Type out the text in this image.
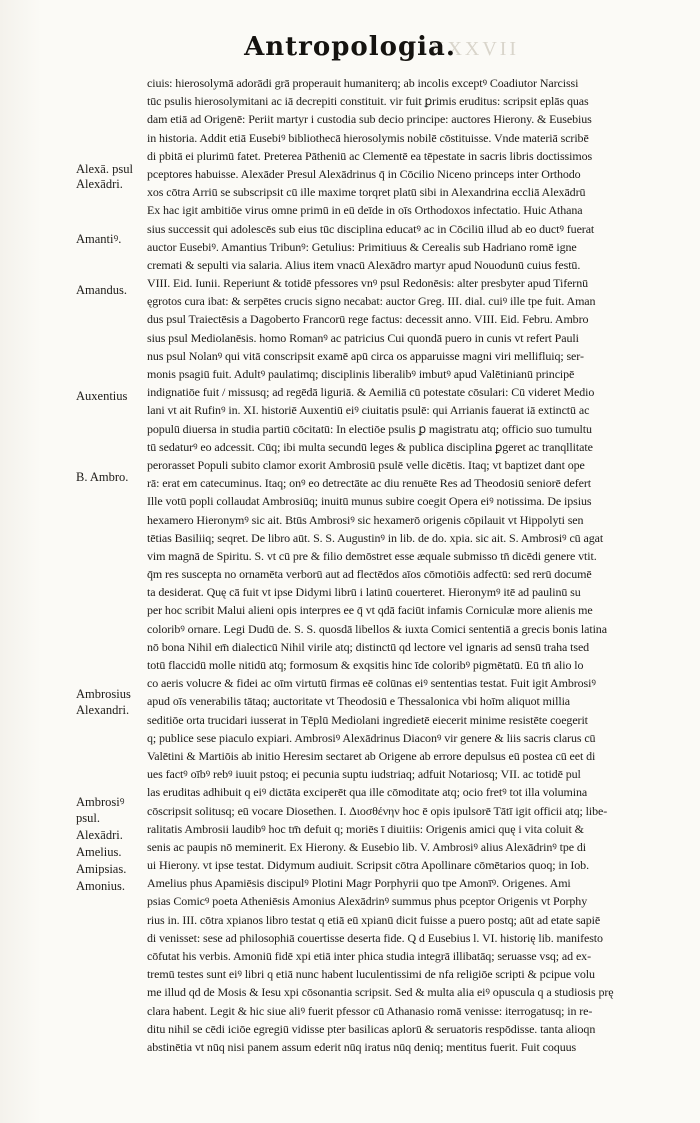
XXXVII
Antropologia.
Alexā. psul
Alexādri.
Amantiꝰ.
Amandus.
Auxentius
B. Ambro.
Ambrosius
Alexandri.
Ambrosiꝰ
psul.
Alexādri.
Amelius.
Amipsias.
Amonius.
ciuis: hierosolymā adorādi grā properauit humaniterq; ab incolis exceptꝰ Coadiutor Narcissi
tūc psulis hierosolymitani ac iā decrepiti constituit. vir fuit ꝑrimis eruditus: scripsit eplās quas
dam etiā ad Origenē: Periit martyr i custodia sub decio principe: auctores Hierony. & Eusebius
in historia. Addit etiā Eusebiꝰ bibliothecā hierosolymis nobilē cōstituisse. Vnde materiā scribē
di pbitā ei plurimū fatet. Preterea Pātheniū ac Clementē ea tēpestate in sacris libris doctissimos
pceptores habuisse. Alexāder Presul Alexādrinus q̄ in Cōcilio Niceno princeps inter Orthodo
xos cōtra Arriū se subscripsit cū ille maxime torqret platū sibi in Alexandrina eccliā Alexādrū
Ex hac igit ambitiōe virus omne primū in eū deīde in oīs Orthodoxos infectatio. Huic Athana
sius successit qui adolescēs sub eius tūc disciplina educatꝰ ac in Cōciliū illud ab eo ductꝰ fuerat
auctor Eusebiꝰ. Amantius Tribunꝰ: Getulius: Primitiuus & Cerealis sub Hadriano romē igne
cremati & sepulti via salaria. Alius item vnacū Alexādro martyr apud Nouodunū cuius festū.
VIII. Eid. Iunii. Reperiunt & totidē pfessores vnꝰ psul Redonēsis: alter presbyter apud Tifernū
ęgrotos cura ibat: & serpētes crucis signo necabat: auctor Greg. III. dial. cuiꝰ ille tpe fuit. Aman
dus psul Traiectēsis a Dagoberto Francorū rege factus: decessit anno. VIII. Eid. Febru. Ambro
sius psul Mediolanēsis. homo Romanꝰ ac patricius Cui quondā puero in cunis vt refert Pauli
nus psul Nolanꝰ qui vitā conscripsit examē apū circa os apparuisse magni viri mellifluiq; ser-
monis psagiū fuit. Adultꝰ paulatimq; disciplinis liberalibꝰ imbutꝰ apud Valētinianū principē
indignatiōe fuit / missusq; ad regēdā liguriā. & Aemiliā cū potestate cōsulari: Cū videret Medio
lani vt ait Rufinꝰ in. XI. historiē Auxentiū eiꝰ ciuitatis psulē: qui Arrianis fauerat iā extinctū ac
populū diuersa in studia partiū cōcitatū: In electiōe psulis ꝑ magistratu atq; officio suo tumultu
tū sedaturꝰ eo adcessit. Cūq; ibi multa secundū leges & publica disciplina ꝑgeret ac tranqllitate
perorasset Populi subito clamor exorit Ambrosiū psulē velle dicētis. Itaq; vt baptizet dant ope
rā: erat em catecuminus. Itaq; onꝰ eo detrectāte ac diu renuēte Res ad Theodosiū seniorē defert
Ille votū popli collaudat Ambrosiūq; inuitū munus subire coegit Opera eiꝰ notissima. De ipsius
hexamero Hieronymꝰ sic ait. Btūs Ambrosiꝰ sic hexamerō origenis cōpilauit vt Hippolyti sen
tētias Basiliiq; seqret. De libro aūt. S. S. Augustinꝰ in lib. de do. xpia. sic ait. S. Ambrosiꝰ cū agat
vim magnā de Spiritu. S. vt cū pre & filio demōstret esse æquale submisso tn̄ dicēdi genere vtit.
q̄m res suscepta no ornamēta verborū aut ad flectēdos aīos cōmotiōis adfectū: sed rerū documē
ta desiderat. Quę cā fuit vt ipse Didymi librū i latinū couerteret. Hieronymꝰ itē ad paulinū su
per hoc scribit Malui alieni opis interpres ee q̄ vt qdā faciūt infamis Corniculæ more alienis me
coloribꝰ ornare. Legi Dudū de. S. S. quosdā libellos & iuxta Comici sententiā a grecis bonis latina
nō bona Nihil em̄ dialecticū Nihil virile atq; distinctū qd lectore vel ignaris ad sensū traha tsed
totū flaccidū molle nitidū atq; formosum & exqsitis hinc īde coloribꝰ pigmētatū. Eū tn̄ alio lo
co aeris volucre & fidei ac oīm virtutū firmas eē colūnas eiꝰ sententias testat. Fuit igit Ambrosiꝰ
apud oīs venerabilis tātaq; auctoritate vt Theodosiū e Thessalonica vbi hoīm aliquot millia
seditiōe orta trucidari iusserat in Tēplū Mediolani ingredietē eiecerit minime resistēte coegerit
q; publice sese piaculo expiari. Ambrosiꝰ Alexādrinus Diaconꝰ vir genere & liis sacris clarus cū
Valētini & Martiōis ab initio Heresim sectaret ab Origene ab errore depulsus eū postea cū eet di
ues factꝰ oībꝰ rebꝰ iuuit pstoq; ei pecunia suptu iudstriaq; adfuit Notariosq; VII. ac totidē pul
las eruditas adhibuit q eiꝰ dictāta exciperēt qua ille cōmoditate atq; ocio fretꝰ tot illa volumina
cōscripsit solitusq; eū vocare Diosethen. I. Διοσθένην hoc ē opis ipulsorē Tātī igit officii atq; libe-
ralitatis Ambrosii laudibꝰ hoc tm̄ defuit q; moriēs ī diuitiis: Origenis amici quę i vita coluit &
senis ac paupis nō meminerit. Ex Hierony. & Eusebio lib. V. Ambrosiꝰ alius Alexādrinꝰ tpe di
ui Hierony. vt ipse testat. Didymum audiuit. Scripsit cōtra Apollinare cōmētarios quoq; in Iob.
Amelius phus Apamiēsis discipulꝰ Plotini Magr Porphyrii quo tpe Amonīꝰ. Origenes. Ami
psias Comicꝰ poeta Atheniēsis Amonius Alexādrinꝰ summus phus pceptor Origenis vt Porphy
rius in. III. cōtra xpianos libro testat q etiā eū xpianū dicit fuisse a puero postq; aūt ad etate sapiē
di venisset: sese ad philosophiā couertisse deserta fide. Q d Eusebius l. VI. historię lib. manifesto
cōfutat his verbis. Amoniū fidē xpi etiā inter phica studia integrā illibatāq; seruasse vsq; ad ex-
tremū testes sunt eiꝰ libri q etiā nunc habent luculentissimi de nfa religiōe scripti & pcipue volu
me illud qd de Mosis & Iesu xpi cōsonantia scripsit. Sed & multa alia eiꝰ opuscula q a studiosis prę
clara habent. Legit & hic siue aliꝰ fuerit pfessor cū Athanasio romā venisse: iterrogatusq; in re-
ditu nihil se cēdi iciōe egregiū vidisse pter basilicas aplorū & seruatoris respōdisse. tanta alioqn
abstinētia vt nūq nisi panem assum ederit nūq iratus nūq deniq; mentitus fuerit. Fuit coquus
